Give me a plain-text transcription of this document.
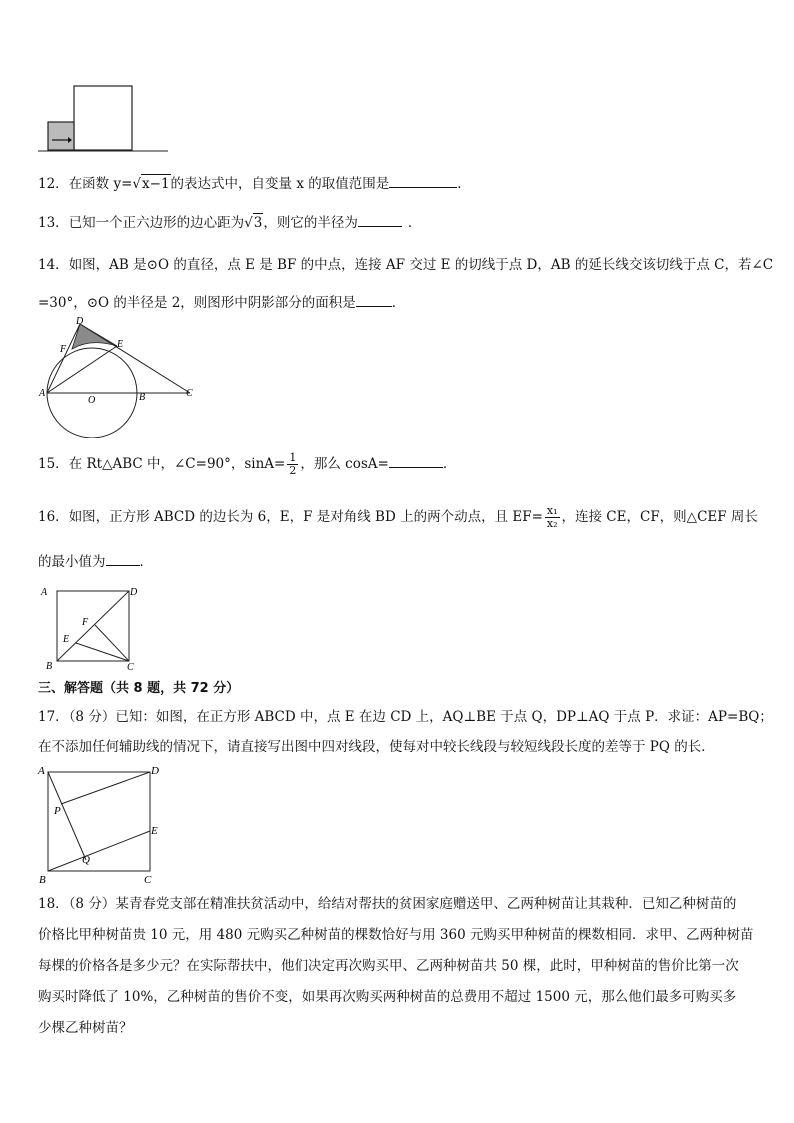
12．在函数 y=√x−1的表达式中，自变量 x 的取值范围是	．
13．已知一个正六边形的边心距为√3，则它的半径为	．
14．如图，AB 是⊙O 的直径，点 E 是 BF 的中点，连接 AF 交过 E 的切线于点 D，AB 的延长线交该切线于点 C，若∠C
=30°，⊙O 的半径是 2，则图形中阴影部分的面积是	．
D
F	E
A
O	B	C
15．在 Rt△ABC 中，∠C=90°，$\sin A= \frac{1}{2}$ ，那么 cosA=	．
16．如图，正方形 ABCD 的边长为 6，E，F 是对角线 BD 上的两个动点，且 $EF= \frac{\text{x₁}}{\text{x₂}}$ ，连接 CE，CF，则△CEF 周长
的最小值为	．
A	D
F
E
B	C
三、解答题（共 8 题，共 72 分）
17．（8 分）已知：如图，在正方形 ABCD 中，点 E 在边 CD 上，AQ⊥BE 于点 Q，DP⊥AQ 于点 P．求证：AP=BQ；
在不添加任何辅助线的情况下，请直接写出图中四对线段，使每对中较长线段与较短线段长度的差等于 PQ 的长．
A	D
P
E
Q
B	C
18．（8 分）某青春党支部在精准扶贫活动中，给结对帮扶的贫困家庭赠送甲、乙两种树苗让其栽种．已知乙种树苗的
价格比甲种树苗贵 10 元，用 480 元购买乙种树苗的棵数恰好与用 360 元购买甲种树苗的棵数相同．求甲、乙两种树苗
每棵的价格各是多少元？在实际帮扶中，他们决定再次购买甲、乙两种树苗共 50 棵，此时，甲种树苗的售价比第一次
购买时降低了 10%，乙种树苗的售价不变，如果再次购买两种树苗的总费用不超过 1500 元，那么他们最多可购买多
少棵乙种树苗？
